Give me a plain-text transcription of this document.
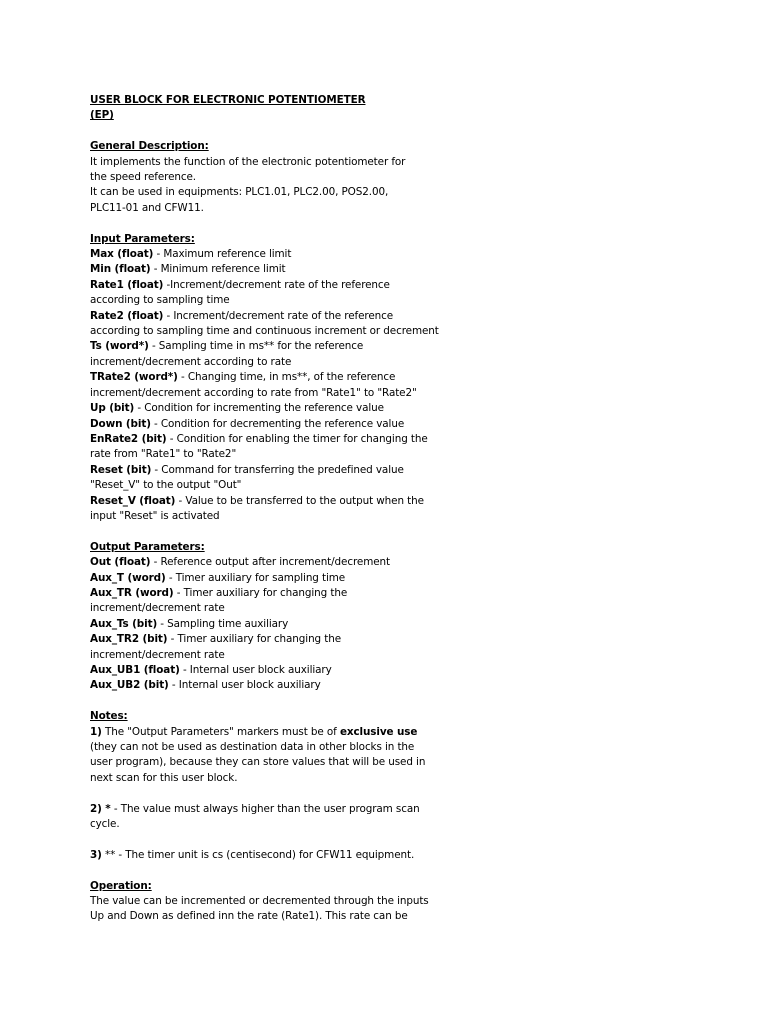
USER BLOCK FOR ELECTRONIC POTENTIOMETER
(EP)
General Description:
It implements the function of the electronic potentiometer for
the speed reference.
It can be used in equipments: PLC1.01, PLC2.00, POS2.00,
PLC11-01 and CFW11.
Input Parameters:
Max (float) - Maximum reference limit
Min (float) - Minimum reference limit
Rate1 (float) -Increment/decrement rate of the reference
according to sampling time
Rate2 (float) - Increment/decrement rate of the reference
according to sampling time and continuous increment or decrement
Ts (word*) - Sampling time in ms** for the reference
increment/decrement according to rate
TRate2 (word*) - Changing time, in ms**, of the reference
increment/decrement according to rate from "Rate1" to "Rate2"
Up (bit) - Condition for incrementing the reference value
Down (bit) - Condition for decrementing the reference value
EnRate2 (bit) - Condition for enabling the timer for changing the
rate from "Rate1" to "Rate2"
Reset (bit) - Command for transferring the predefined value
"Reset_V" to the output "Out"
Reset_V (float) - Value to be transferred to the output when the
input "Reset" is activated
Output Parameters:
Out (float) - Reference output after increment/decrement
Aux_T (word) - Timer auxiliary for sampling time
Aux_TR (word) - Timer auxiliary for changing the
increment/decrement rate
Aux_Ts (bit) - Sampling time auxiliary
Aux_TR2 (bit) - Timer auxiliary for changing the
increment/decrement rate
Aux_UB1 (float) - Internal user block auxiliary
Aux_UB2 (bit) - Internal user block auxiliary
Notes:
1) The "Output Parameters" markers must be of exclusive use
(they can not be used as destination data in other blocks in the
user program), because they can store values that will be used in
next scan for this user block.
2) * - The value must always higher than the user program scan
cycle.
3) ** - The timer unit is cs (centisecond) for CFW11 equipment.
Operation:
The value can be incremented or decremented through the inputs
Up and Down as defined inn the rate (Rate1). This rate can be
